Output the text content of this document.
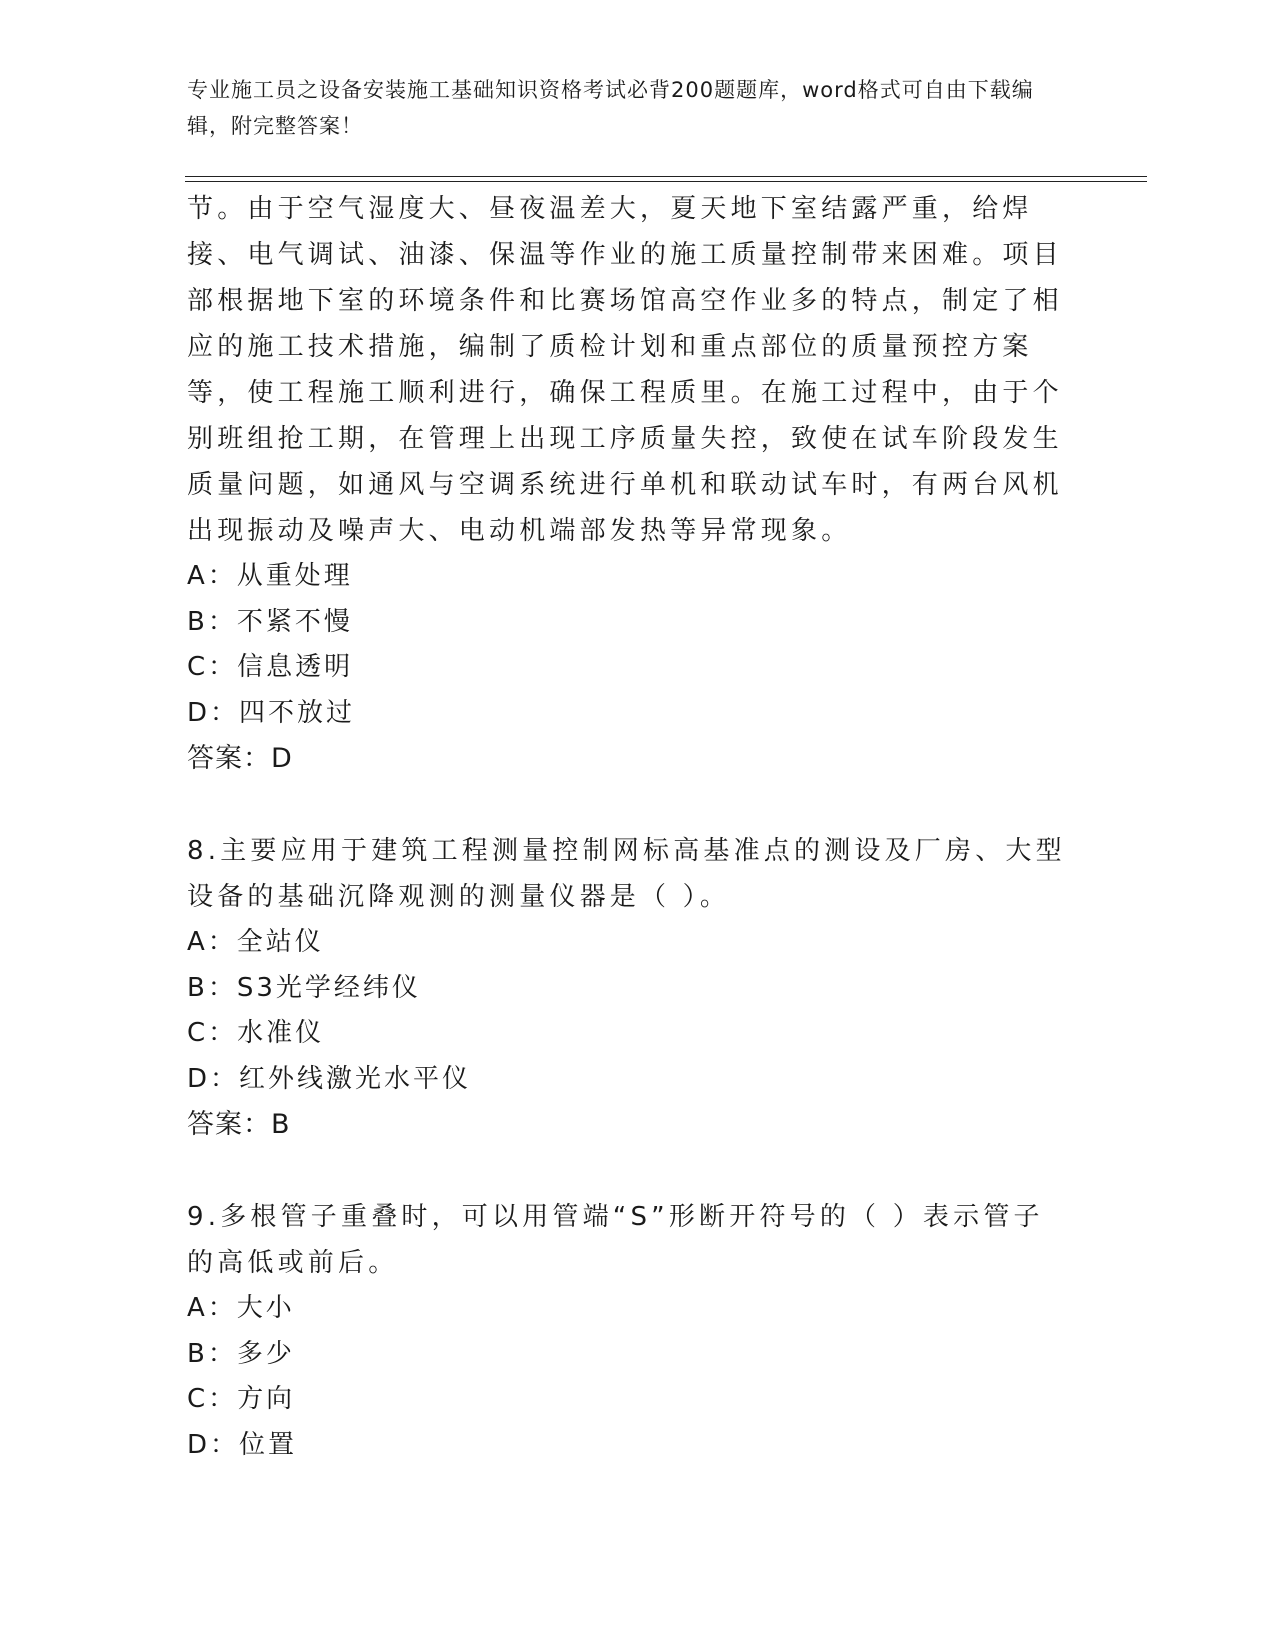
专业施工员之设备安装施工基础知识资格考试必背200题题库，word格式可自由下载编辑，附完整答案！

节。由于空气湿度大、昼夜温差大，夏天地下室结露严重，给焊接、电气调试、油漆、保温等作业的施工质量控制带来困难。项目部根据地下室的环境条件和比赛场馆高空作业多的特点，制定了相应的施工技术措施，编制了质检计划和重点部位的质量预控方案等，使工程施工顺利进行，确保工程质里。在施工过程中，由于个别班组抢工期，在管理上出现工序质量失控，致使在试车阶段发生质量问题，如通风与空调系统进行单机和联动试车时，有两台风机出现振动及噪声大、电动机端部发热等异常现象。

A：从重处理

B：不紧不慢

C：信息透明

D：四不放过

答案：D

8.主要应用于建筑工程测量控制网标高基准点的测设及厂房、大型设备的基础沉降观测的测量仪器是（ ）。

A：全站仪

B：S3光学经纬仪

C：水准仪

D：红外线激光水平仪

答案：B

9.多根管子重叠时，可以用管端“S”形断开符号的（ ）表示管子的高低或前后。

A：大小

B：多少

C：方向

D：位置
